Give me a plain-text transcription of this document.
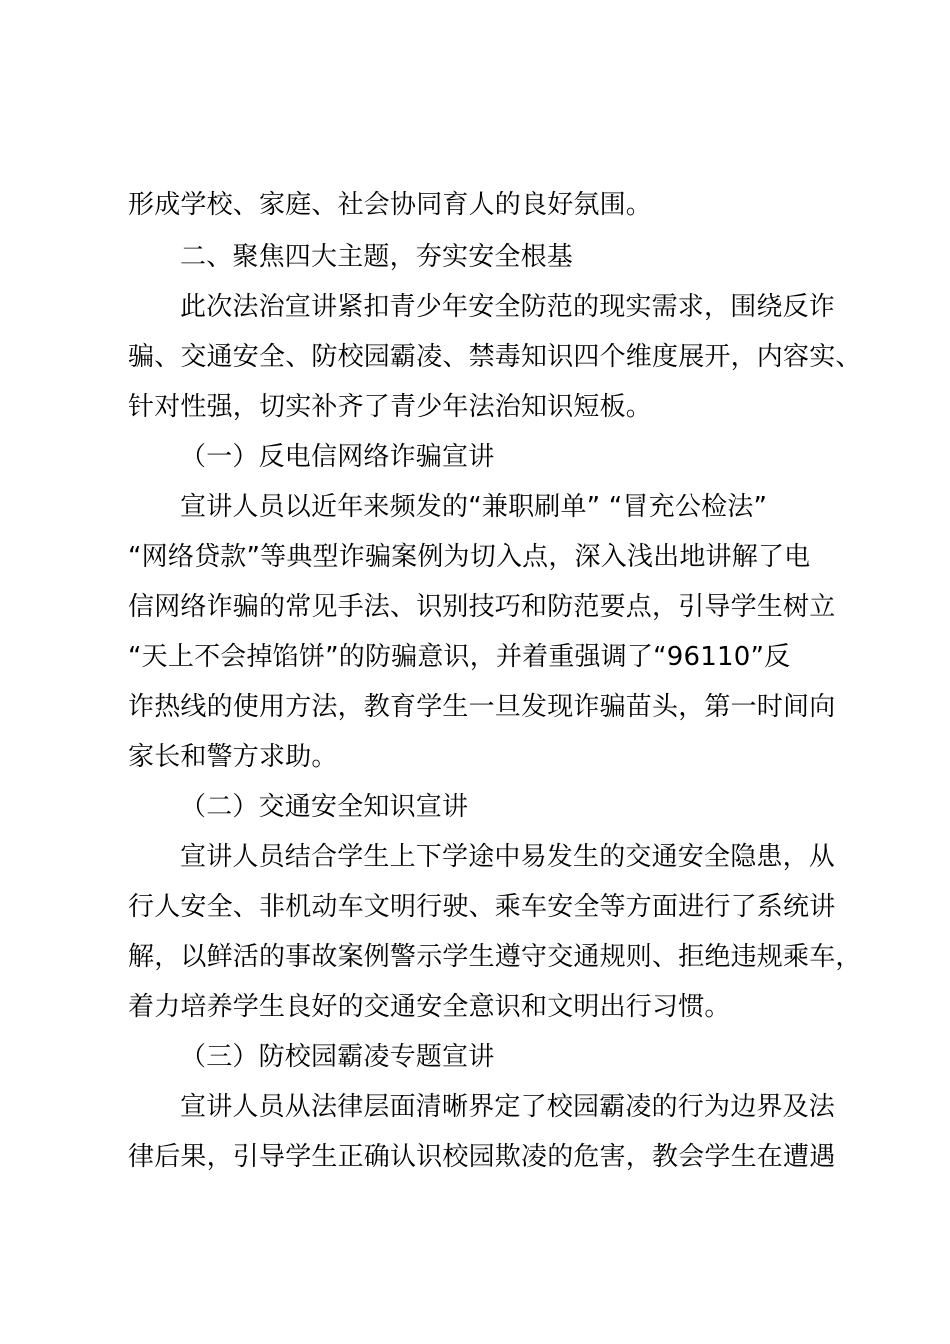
形成学校、家庭、社会协同育人的良好氛围。
二、聚焦四大主题，夯实安全根基
此次法治宣讲紧扣青少年安全防范的现实需求，围绕反诈
骗、交通安全、防校园霸凌、禁毒知识四个维度展开，内容实、
针对性强，切实补齐了青少年法治知识短板。
（一）反电信网络诈骗宣讲
宣讲人员以近年来频发的“兼职刷单” “冒充公检法”
“网络贷款”等典型诈骗案例为切入点，深入浅出地讲解了电
信网络诈骗的常见手法、识别技巧和防范要点，引导学生树立
“天上不会掉馅饼”的防骗意识，并着重强调了“96110”反
诈热线的使用方法，教育学生一旦发现诈骗苗头，第一时间向
家长和警方求助。
（二）交通安全知识宣讲
宣讲人员结合学生上下学途中易发生的交通安全隐患，从
行人安全、非机动车文明行驶、乘车安全等方面进行了系统讲
解，以鲜活的事故案例警示学生遵守交通规则、拒绝违规乘车，
着力培养学生良好的交通安全意识和文明出行习惯。
（三）防校园霸凌专题宣讲
宣讲人员从法律层面清晰界定了校园霸凌的行为边界及法
律后果，引导学生正确认识校园欺凌的危害，教会学生在遭遇
